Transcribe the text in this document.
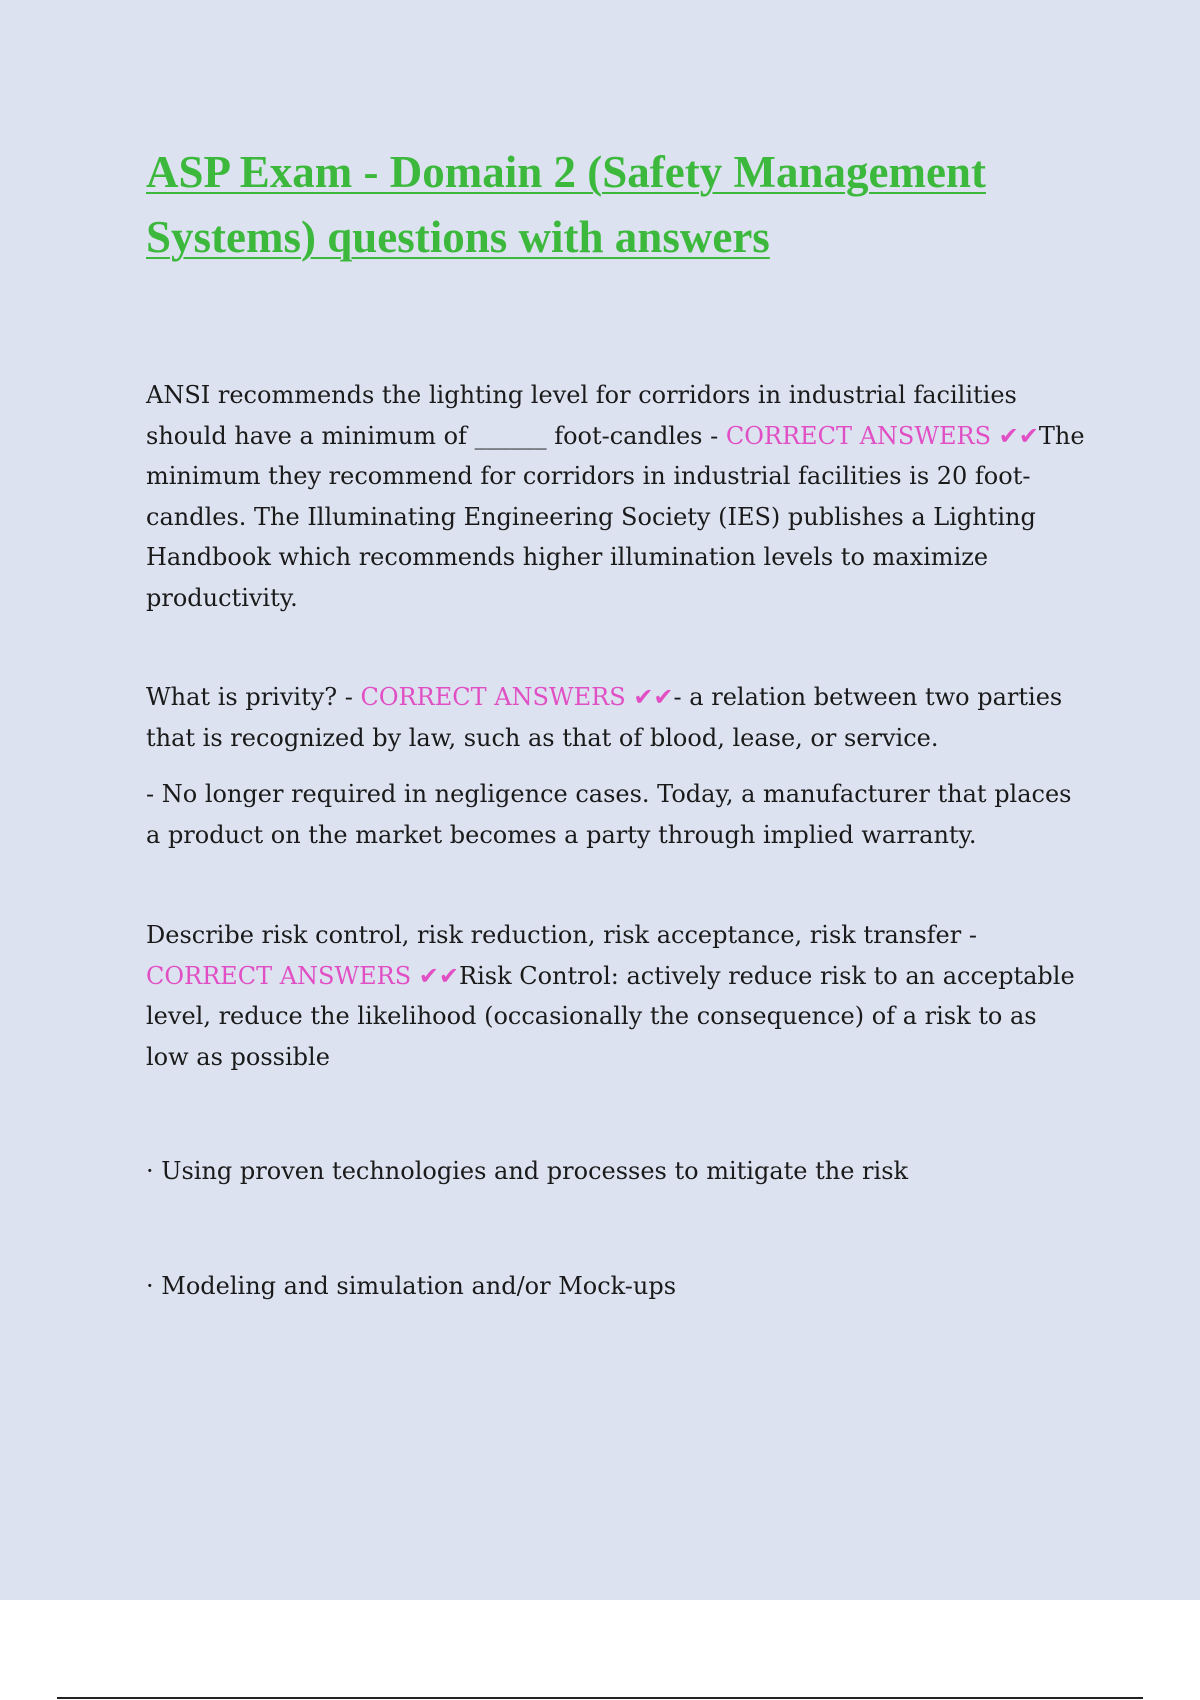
ASP Exam - Domain 2 (Safety Management Systems) questions with answers

ANSI recommends the lighting level for corridors in industrial facilities should have a minimum of ______ foot-candles - CORRECT ANSWERS ✔✔The minimum they recommend for corridors in industrial facilities is 20 foot-candles. The Illuminating Engineering Society (IES) publishes a Lighting Handbook which recommends higher illumination levels to maximize productivity.

What is privity? - CORRECT ANSWERS ✔✔- a relation between two parties that is recognized by law, such as that of blood, lease, or service.

- No longer required in negligence cases. Today, a manufacturer that places a product on the market becomes a party through implied warranty.

Describe risk control, risk reduction, risk acceptance, risk transfer - CORRECT ANSWERS ✔✔Risk Control: actively reduce risk to an acceptable level, reduce the likelihood (occasionally the consequence) of a risk to as low as possible

· Using proven technologies and processes to mitigate the risk

· Modeling and simulation and/or Mock-ups
